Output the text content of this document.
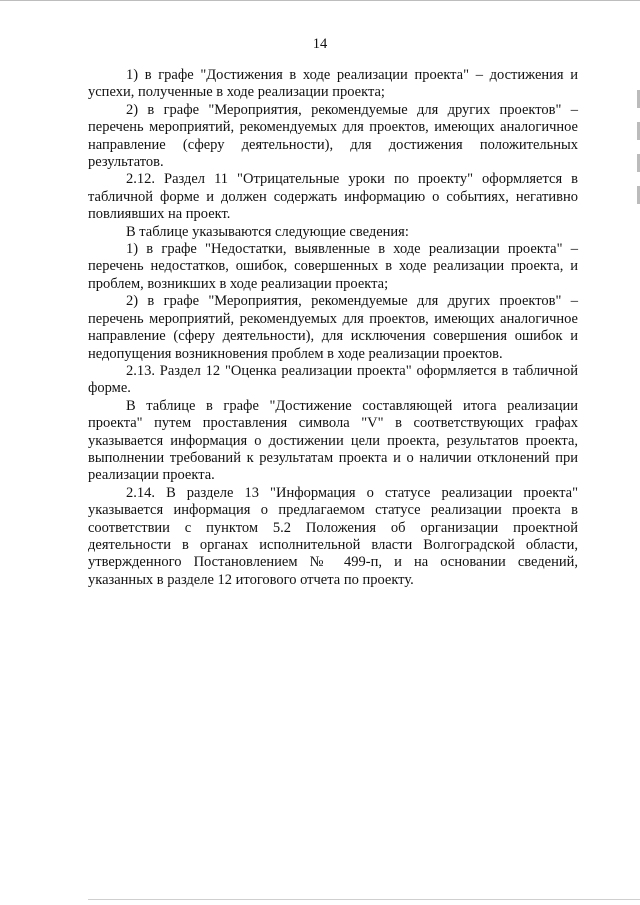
14

1) в графе "Достижения в ходе реализации проекта" – достижения и успехи, полученные в ходе реализации проекта;

2) в графе "Мероприятия, рекомендуемые для других проектов" – перечень мероприятий, рекомендуемых для проектов, имеющих аналогичное направление (сферу деятельности), для достижения положительных результатов.

2.12. Раздел 11 "Отрицательные уроки по проекту" оформляется в табличной форме и должен содержать информацию о событиях, негативно повлиявших на проект.

В таблице указываются следующие сведения:

1) в графе "Недостатки, выявленные в ходе реализации проекта" – перечень недостатков, ошибок, совершенных в ходе реализации проекта, и проблем, возникших в ходе реализации проекта;

2) в графе "Мероприятия, рекомендуемые для других проектов" – перечень мероприятий, рекомендуемых для проектов, имеющих аналогичное направление (сферу деятельности), для исключения совершения ошибок и недопущения возникновения проблем в ходе реализации проектов.

2.13. Раздел 12 "Оценка реализации проекта" оформляется в табличной форме.

В таблице в графе "Достижение составляющей итога реализации проекта" путем проставления символа "V" в соответствующих графах указывается информация о достижении цели проекта, результатов проекта, выполнении требований к результатам проекта и о наличии отклонений при реализации проекта.

2.14. В разделе 13 "Информация о статусе реализации проекта" указывается информация о предлагаемом статусе реализации проекта в соответствии с пунктом 5.2 Положения об организации проектной деятельности в органах исполнительной власти Волгоградской области, утвержденного Постановлением № 499-п, и на основании сведений, указанных в разделе 12 итогового отчета по проекту.
